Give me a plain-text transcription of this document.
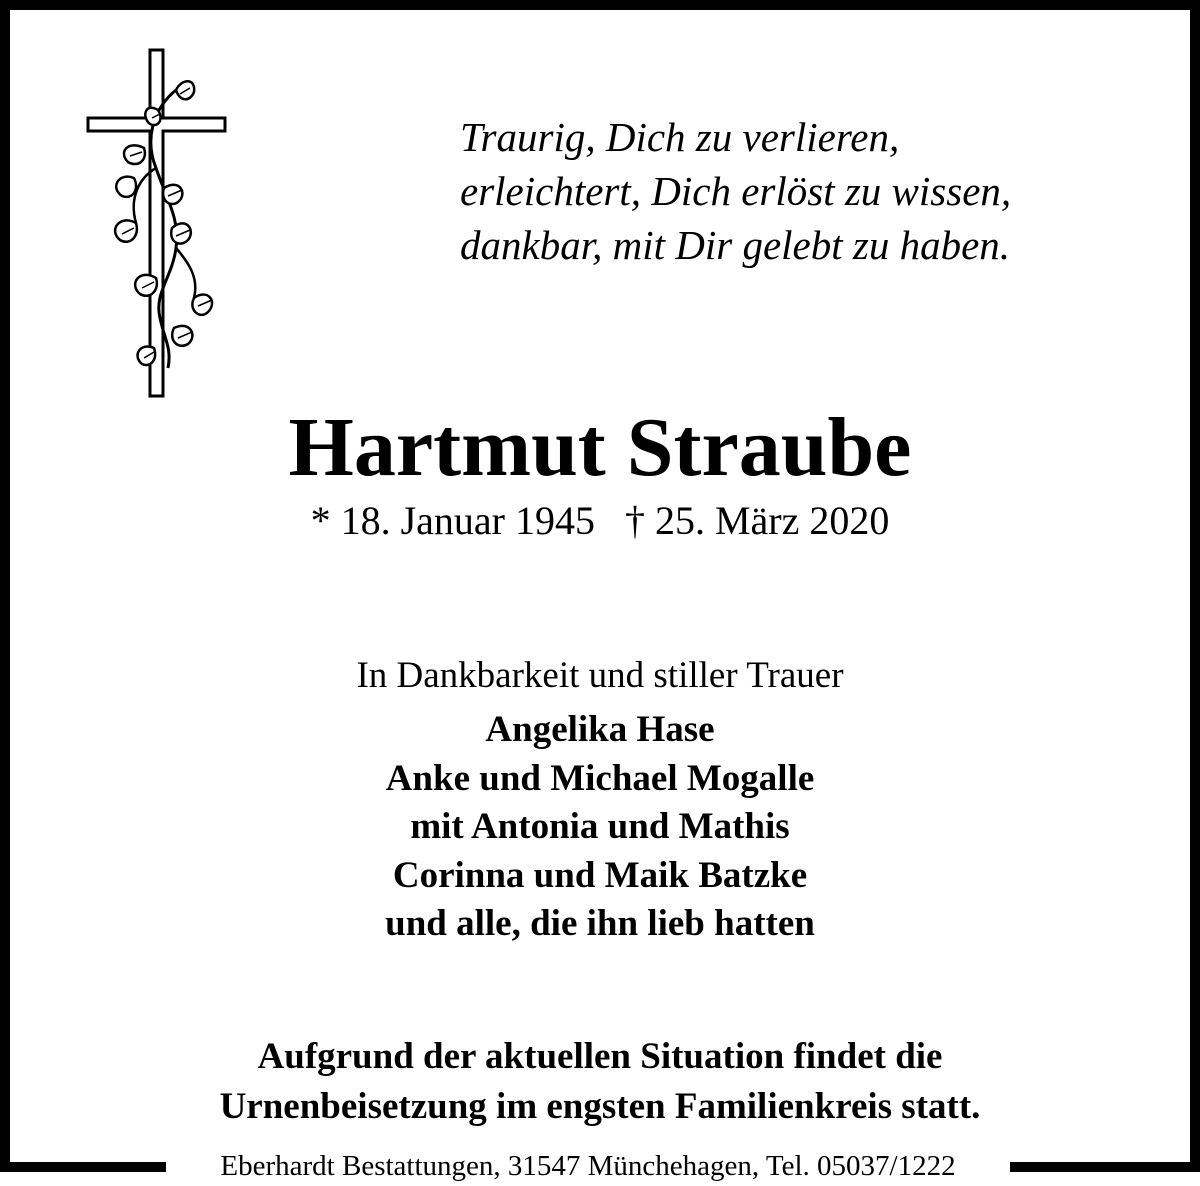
Traurig, Dich zu verlieren,
erleichtert, Dich erlöst zu wissen,
dankbar, mit Dir gelebt zu haben.
Hartmut Straube
* 18. Januar 1945   † 25. März 2020
In Dankbarkeit und stiller Trauer
Angelika Hase
Anke und Michael Mogalle
mit Antonia und Mathis
Corinna und Maik Batzke
und alle, die ihn lieb hatten
Aufgrund der aktuellen Situation findet die
Urnenbeisetzung im engsten Familienkreis statt.
Eberhardt Bestattungen, 31547 Münchehagen, Tel. 05037/1222
